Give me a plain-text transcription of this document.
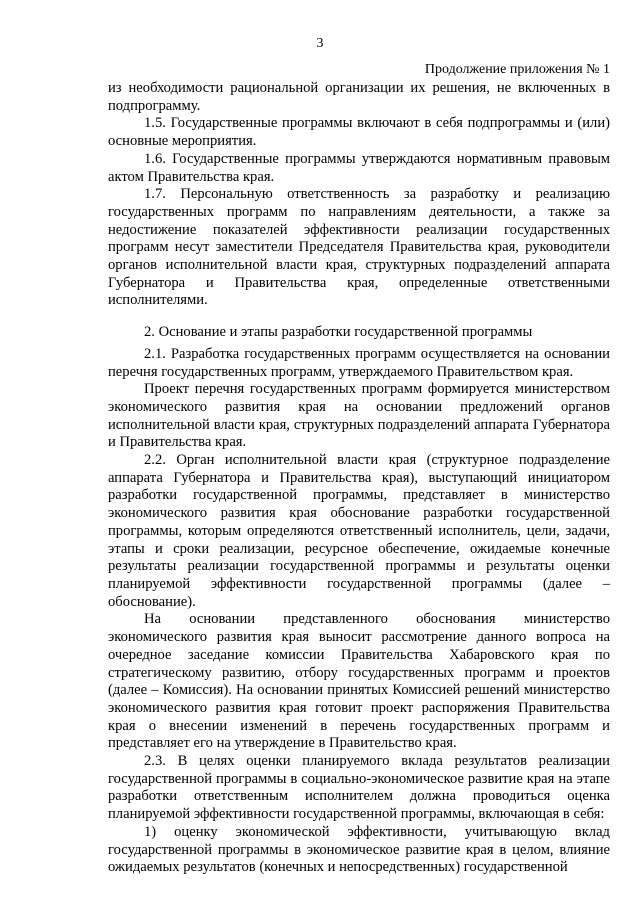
3
Продолжение приложения № 1

из необходимости рациональной организации их решения, не включенных в подпрограмму.

1.5. Государственные программы включают в себя подпрограммы и (или) основные мероприятия.

1.6. Государственные программы утверждаются нормативным правовым актом Правительства края.

1.7. Персональную ответственность за разработку и реализацию государственных программ по направлениям деятельности, а также за недостижение показателей эффективности реализации государственных программ несут заместители Председателя Правительства края, руководители органов исполнительной власти края, структурных подразделений аппарата Губернатора и Правительства края, определенные ответственными исполнителями.

2. Основание и этапы разработки государственной программы

2.1. Разработка государственных программ осуществляется на основании перечня государственных программ, утверждаемого Правительством края.

Проект перечня государственных программ формируется министерством экономического развития края на основании предложений органов исполнительной власти края, структурных подразделений аппарата Губернатора и Правительства края.

2.2. Орган исполнительной власти края (структурное подразделение аппарата Губернатора и Правительства края), выступающий инициатором разработки государственной программы, представляет в министерство экономического развития края обоснование разработки государственной программы, которым определяются ответственный исполнитель, цели, задачи, этапы и сроки реализации, ресурсное обеспечение, ожидаемые конечные результаты реализации государственной программы и результаты оценки планируемой эффективности государственной программы (далее – обоснование).

На основании представленного обоснования министерство экономического развития края выносит рассмотрение данного вопроса на очередное заседание комиссии Правительства Хабаровского края по стратегическому развитию, отбору государственных программ и проектов (далее – Комиссия). На основании принятых Комиссией решений министерство экономического развития края готовит проект распоряжения Правительства края о внесении изменений в перечень государственных программ и представляет его на утверждение в Правительство края.

2.3. В целях оценки планируемого вклада результатов реализации государственной программы в социально-экономическое развитие края на этапе разработки ответственным исполнителем должна проводиться оценка планируемой эффективности государственной программы, включающая в себя:

1) оценку экономической эффективности, учитывающую вклад государственной программы в экономическое развитие края в целом, влияние ожидаемых результатов (конечных и непосредственных) государственной
